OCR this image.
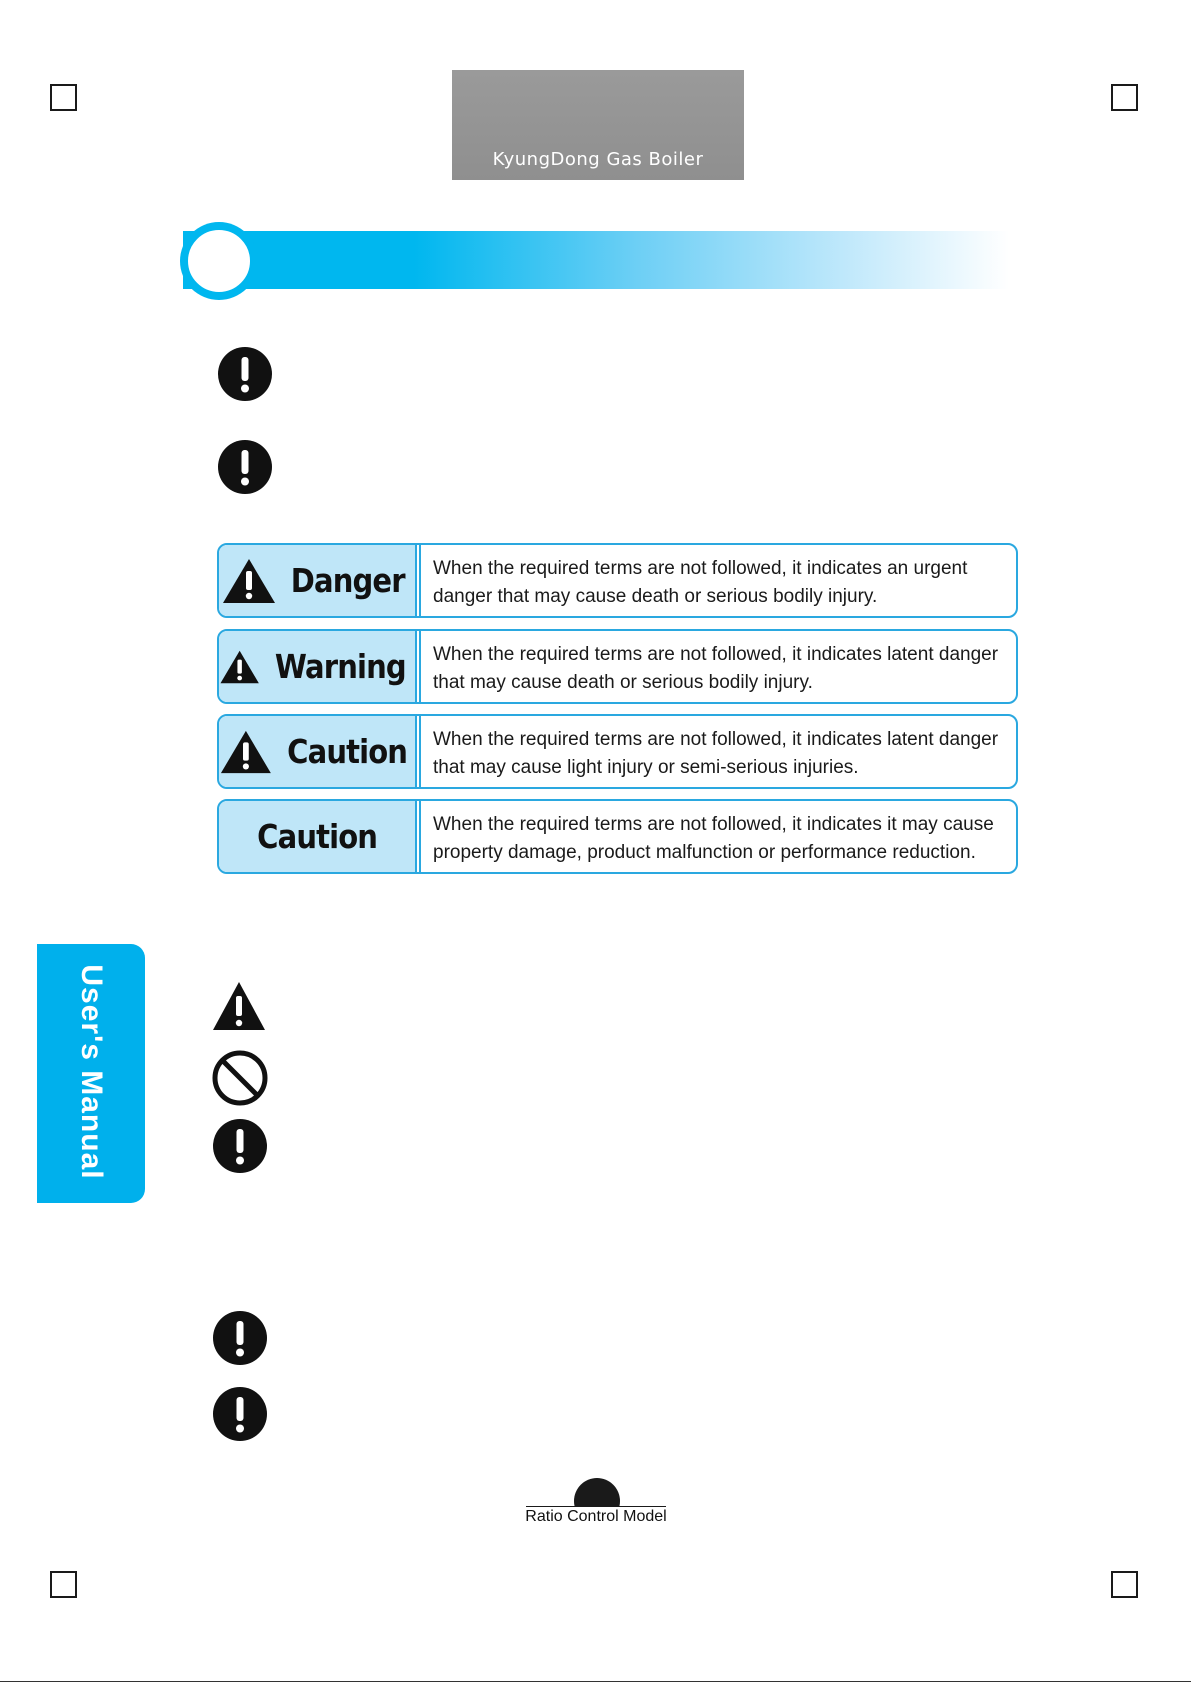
KyungDong Gas Boiler
Danger When the required terms are not followed, it indicates an urgent danger that may cause death or serious bodily injury.
Warning When the required terms are not followed, it indicates latent danger that may cause death or serious bodily injury.
Caution When the required terms are not followed, it indicates latent danger that may cause light injury or semi-serious injuries.
Caution	When the required terms are not followed, it indicates it may cause property damage, product malfunction or performance reduction.
User's Manual
Ratio Control Model
